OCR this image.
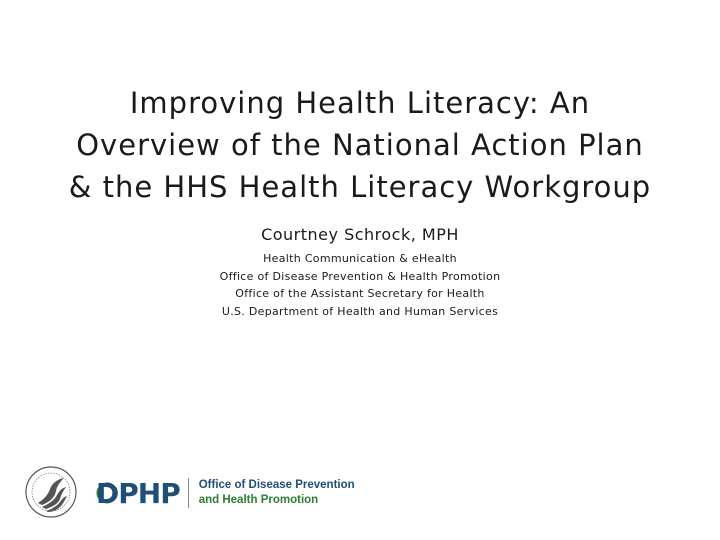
Improving Health Literacy: An
Overview of the National Action Plan
& the HHS Health Literacy Workgroup
Courtney Schrock, MPH
Health Communication & eHealth
Office of Disease Prevention & Health Promotion
Office of the Assistant Secretary for Health
U.S. Department of Health and Human Services
DPHP Office of Disease Prevention
and Health Promotion
